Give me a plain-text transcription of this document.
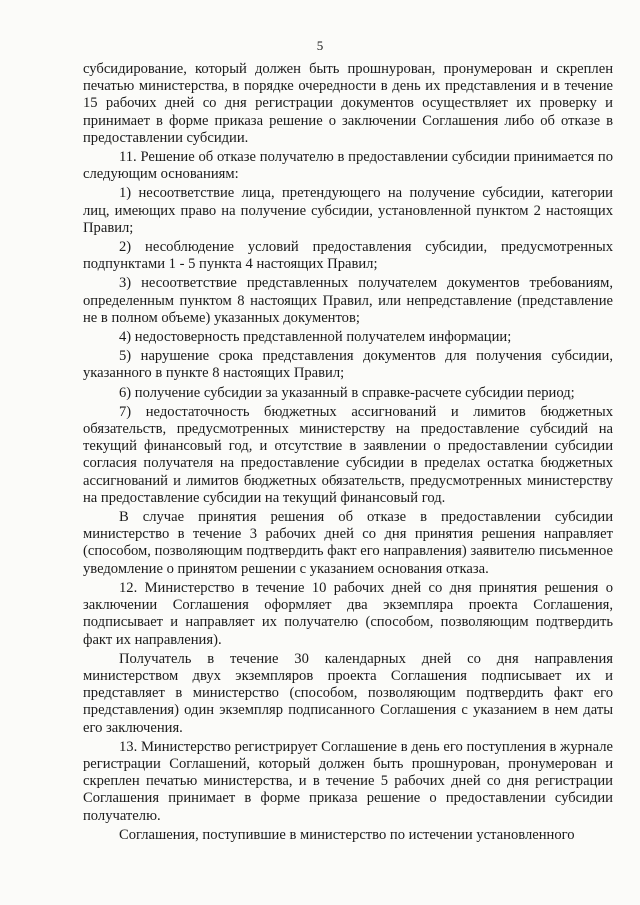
5

субсидирование, который должен быть прошнурован, пронумерован и скреплен печатью министерства, в порядке очередности в день их представления и в течение 15 рабочих дней со дня регистрации документов осуществляет их проверку и принимает в форме приказа решение о заключении Соглашения либо об отказе в предоставлении субсидии.

11. Решение об отказе получателю в предоставлении субсидии принимается по следующим основаниям:

1) несоответствие лица, претендующего на получение субсидии, категории лиц, имеющих право на получение субсидии, установленной пунктом 2 настоящих Правил;

2) несоблюдение условий предоставления субсидии, предусмотренных подпунктами 1 - 5 пункта 4 настоящих Правил;

3) несоответствие представленных получателем документов требованиям, определенным пунктом 8 настоящих Правил, или непредставление (представление не в полном объеме) указанных документов;

4) недостоверность представленной получателем информации;

5) нарушение срока представления документов для получения субсидии, указанного в пункте 8 настоящих Правил;

6) получение субсидии за указанный в справке-расчете субсидии период;

7) недостаточность бюджетных ассигнований и лимитов бюджетных обязательств, предусмотренных министерству на предоставление субсидий на текущий финансовый год, и отсутствие в заявлении о предоставлении субсидии согласия получателя на предоставление субсидии в пределах остатка бюджетных ассигнований и лимитов бюджетных обязательств, предусмотренных министерству на предоставление субсидии на текущий финансовый год.

В случае принятия решения об отказе в предоставлении субсидии министерство в течение 3 рабочих дней со дня принятия решения направляет (способом, позволяющим подтвердить факт его направления) заявителю письменное уведомление о принятом решении с указанием основания отказа.

12. Министерство в течение 10 рабочих дней со дня принятия решения о заключении Соглашения оформляет два экземпляра проекта Соглашения, подписывает и направляет их получателю (способом, позволяющим подтвердить факт их направления).

Получатель в течение 30 календарных дней со дня направления министерством двух экземпляров проекта Соглашения подписывает их и представляет в министерство (способом, позволяющим подтвердить факт его представления) один экземпляр подписанного Соглашения с указанием в нем даты его заключения.

13. Министерство регистрирует Соглашение в день его поступления в журнале регистрации Соглашений, который должен быть прошнурован, пронумерован и скреплен печатью министерства, и в течение 5 рабочих дней со дня регистрации Соглашения принимает в форме приказа решение о предоставлении субсидии получателю.

Соглашения, поступившие в министерство по истечении установленного
